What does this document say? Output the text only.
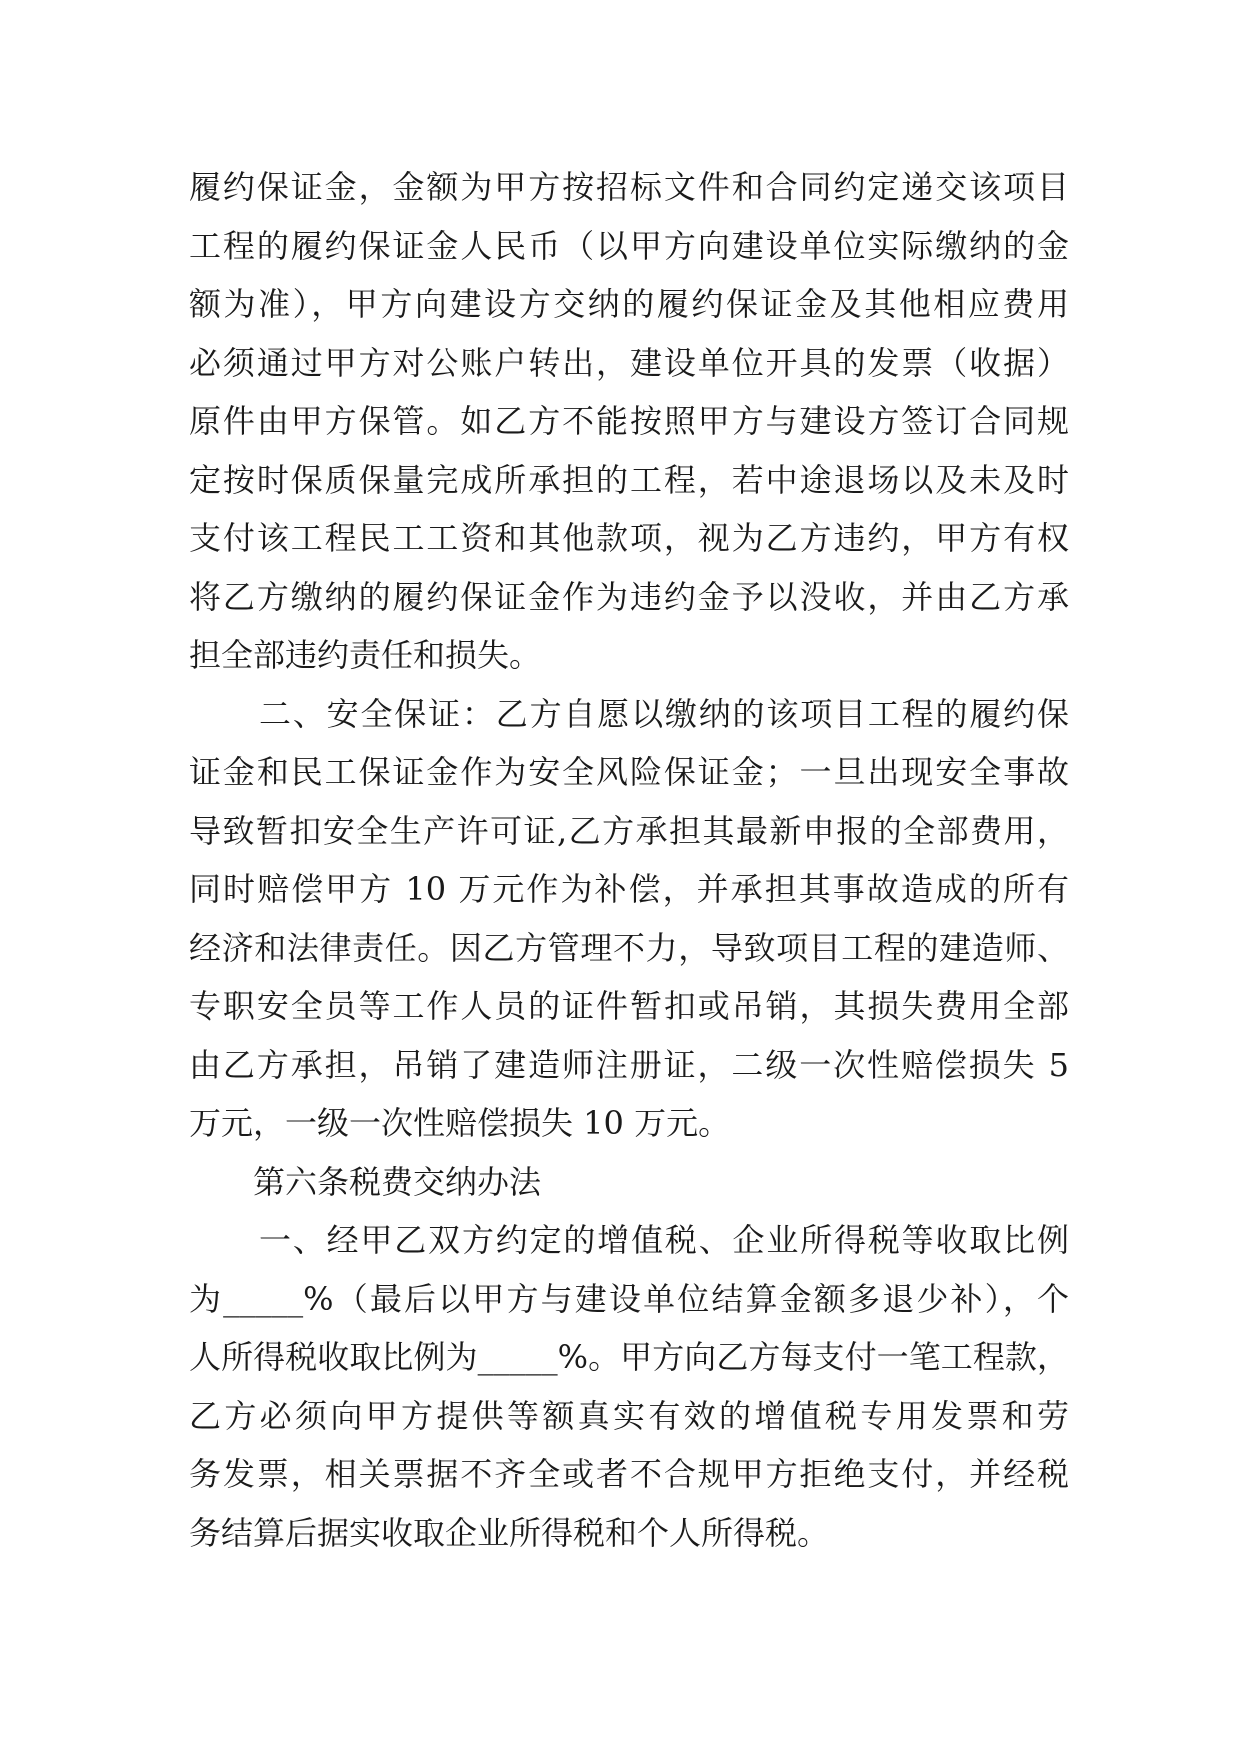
履约保证金，金额为甲方按招标文件和合同约定递交该项目
工程的履约保证金人民币（以甲方向建设单位实际缴纳的金
额为准），甲方向建设方交纳的履约保证金及其他相应费用
必须通过甲方对公账户转出，建设单位开具的发票（收据）
原件由甲方保管。如乙方不能按照甲方与建设方签订合同规
定按时保质保量完成所承担的工程，若中途退场以及未及时
支付该工程民工工资和其他款项，视为乙方违约，甲方有权
将乙方缴纳的履约保证金作为违约金予以没收，并由乙方承
担全部违约责任和损失。
二、安全保证：乙方自愿以缴纳的该项目工程的履约保
证金和民工保证金作为安全风险保证金；一旦出现安全事故
导致暂扣安全生产许可证,乙方承担其最新申报的全部费用，
同时赔偿甲方 10 万元作为补偿，并承担其事故造成的所有
经济和法律责任。因乙方管理不力，导致项目工程的建造师、
专职安全员等工作人员的证件暂扣或吊销，其损失费用全部
由乙方承担，吊销了建造师注册证，二级一次性赔偿损失 5
万元，一级一次性赔偿损失 10 万元。
第六条税费交纳办法
一、经甲乙双方约定的增值税、企业所得税等收取比例
为_____%（最后以甲方与建设单位结算金额多退少补），个
人所得税收取比例为_____%。甲方向乙方每支付一笔工程款，
乙方必须向甲方提供等额真实有效的增值税专用发票和劳
务发票，相关票据不齐全或者不合规甲方拒绝支付，并经税
务结算后据实收取企业所得税和个人所得税。
